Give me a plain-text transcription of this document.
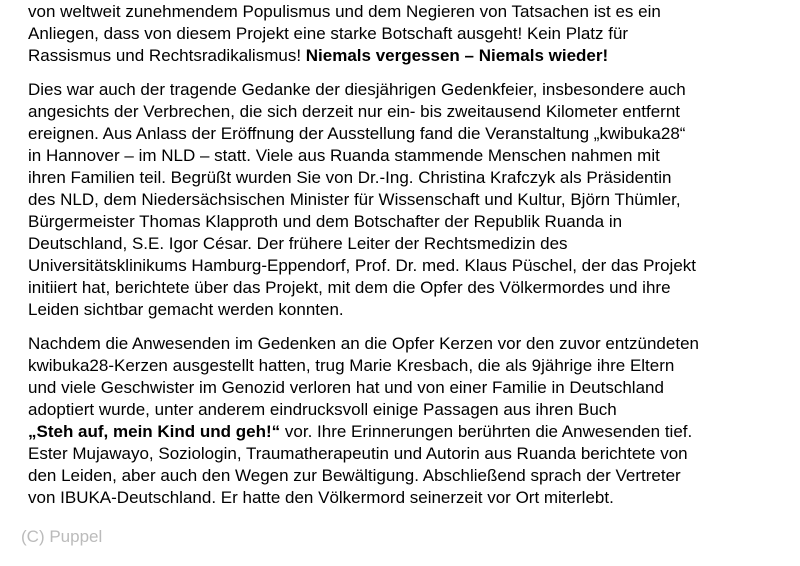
von weltweit zunehmendem Populismus und dem Negieren von Tatsachen ist es ein
Anliegen, dass von diesem Projekt eine starke Botschaft ausgeht! Kein Platz für
Rassismus und Rechtsradikalismus! Niemals vergessen – Niemals wieder!

Dies war auch der tragende Gedanke der diesjährigen Gedenkfeier, insbesondere auch
angesichts der Verbrechen, die sich derzeit nur ein- bis zweitausend Kilometer entfernt
ereignen. Aus Anlass der Eröffnung der Ausstellung fand die Veranstaltung „kwibuka28“
in Hannover – im NLD – statt. Viele aus Ruanda stammende Menschen nahmen mit
ihren Familien teil. Begrüßt wurden Sie von Dr.-Ing. Christina Krafczyk als Präsidentin
des NLD, dem Niedersächsischen Minister für Wissenschaft und Kultur, Björn Thümler,
Bürgermeister Thomas Klapproth und dem Botschafter der Republik Ruanda in
Deutschland, S.E. Igor César. Der frühere Leiter der Rechtsmedizin des
Universitätsklinikums Hamburg-Eppendorf, Prof. Dr. med. Klaus Püschel, der das Projekt
initiiert hat, berichtete über das Projekt, mit dem die Opfer des Völkermordes und ihre
Leiden sichtbar gemacht werden konnten.

Nachdem die Anwesenden im Gedenken an die Opfer Kerzen vor den zuvor entzündeten
kwibuka28-Kerzen ausgestellt hatten, trug Marie Kresbach, die als 9jährige ihre Eltern
und viele Geschwister im Genozid verloren hat und von einer Familie in Deutschland
adoptiert wurde, unter anderem eindrucksvoll einige Passagen aus ihren Buch
„Steh auf, mein Kind und geh!“ vor. Ihre Erinnerungen berührten die Anwesenden tief.
Ester Mujawayo, Soziologin, Traumatherapeutin und Autorin aus Ruanda berichtete von
den Leiden, aber auch den Wegen zur Bewältigung. Abschließend sprach der Vertreter
von IBUKA-Deutschland. Er hatte den Völkermord seinerzeit vor Ort miterlebt.

(C) Puppel
